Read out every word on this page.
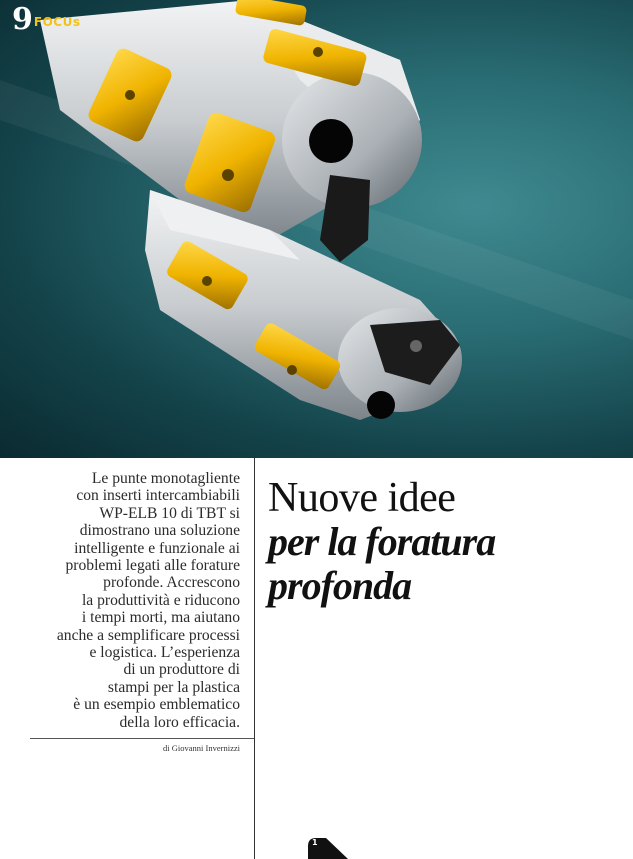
9 FOCUs
Le punte monotagliente
con inserti intercambiabili
WP-ELB 10 di TBT si
dimostrano una soluzione
intelligente e funzionale ai
problemi legati alle forature
profonde. Accrescono
la produttività e riducono
i tempi morti, ma aiutano
anche a semplificare processi
e logistica. L’esperienza
di un produttore di
stampi per la plastica
è un esempio emblematico
della loro efficacia.
di Giovanni Invernizzi
Nuove idee
per la foratura
profonda
1
